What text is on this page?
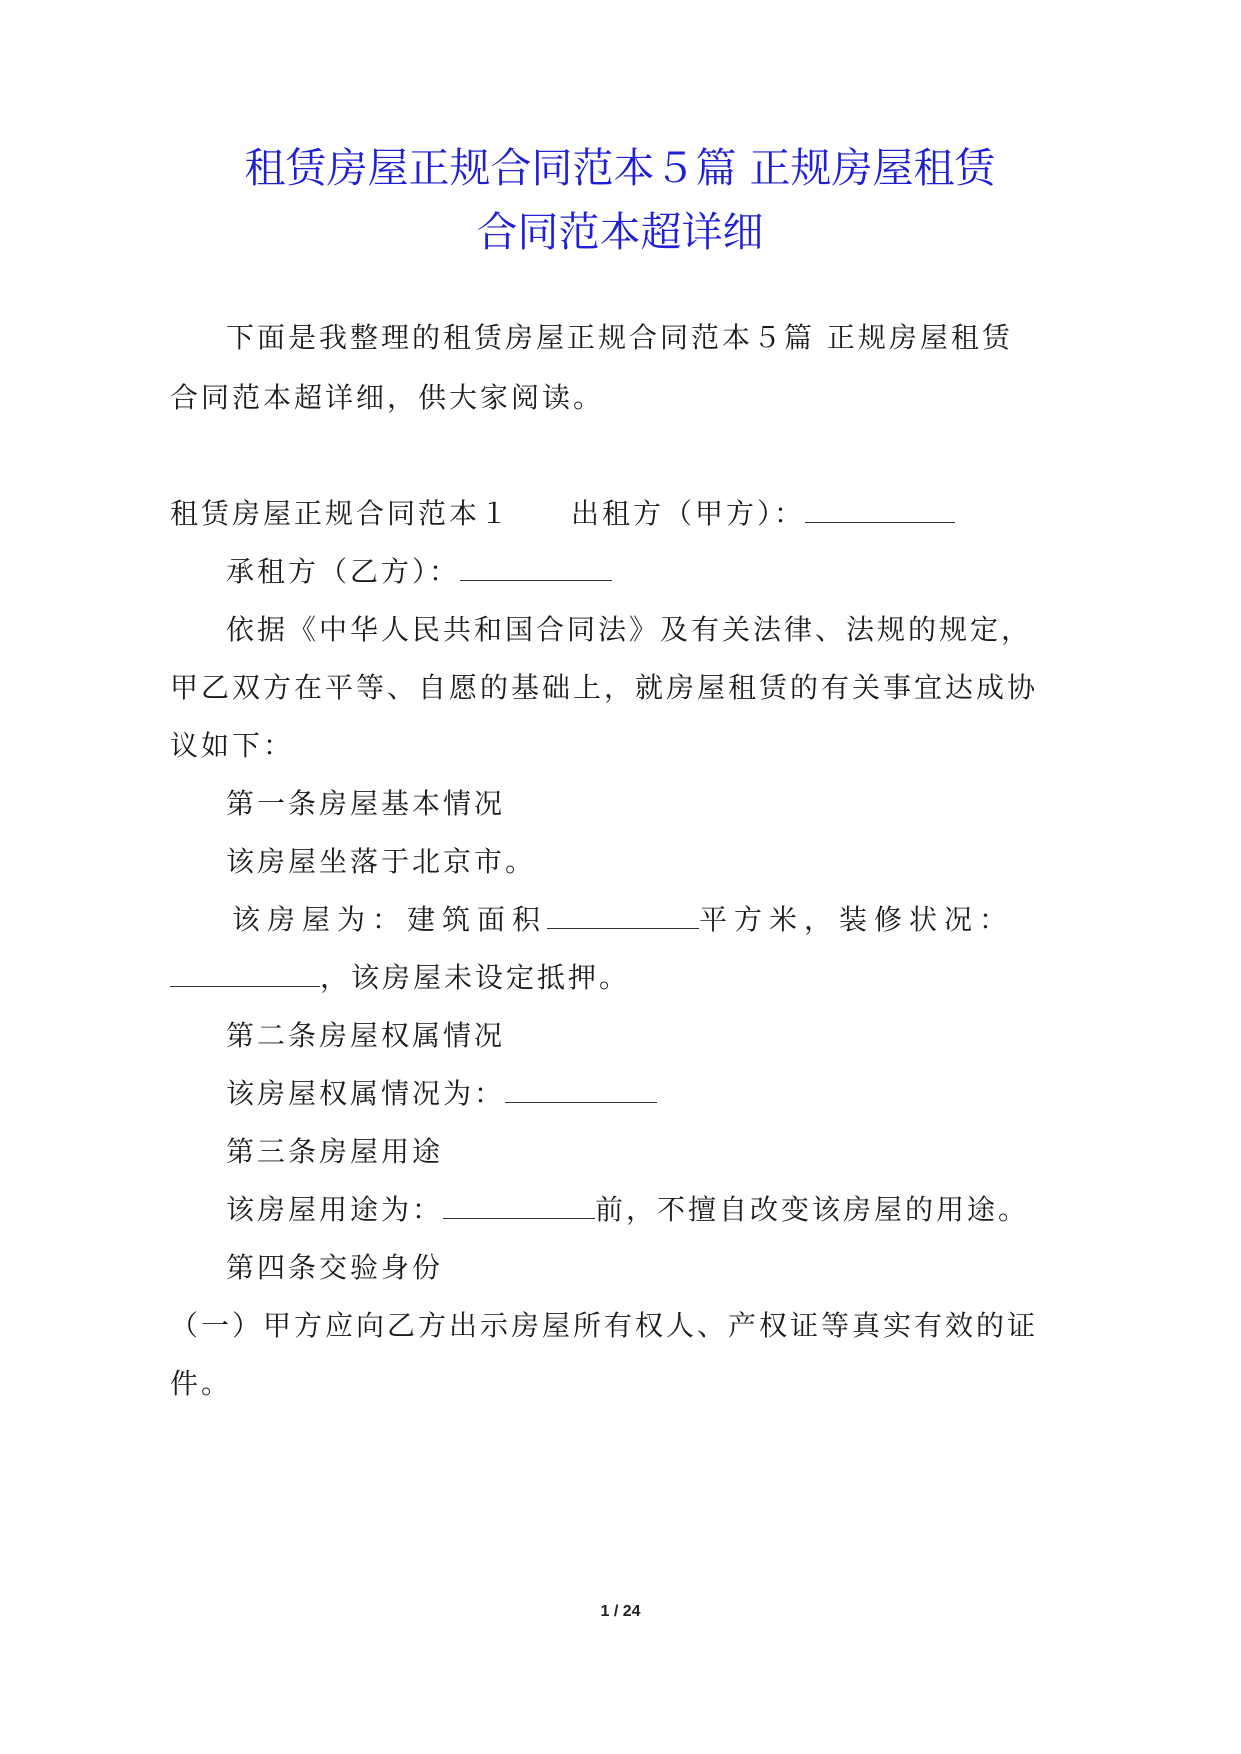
租赁房屋正规合同范本５篇 正规房屋租赁
合同范本超详细
下面是我整理的租赁房屋正规合同范本５篇 正规房屋租赁
合同范本超详细，供大家阅读。
租赁房屋正规合同范本１ 出租方（甲方）：
承租方（乙方）：
依据《中华人民共和国合同法》及有关法律、法规的规定，
甲乙双方在平等、自愿的基础上，就房屋租赁的有关事宜达成协
议如下：
第一条房屋基本情况
该房屋坐落于北京市。
该房屋为：建筑面积	平方米，装修状况：
，该房屋未设定抵押。
第二条房屋权属情况
该房屋权属情况为：
第三条房屋用途
该房屋用途为：	前，不擅自改变该房屋的用途。
第四条交验身份
（一）甲方应向乙方出示房屋所有权人、产权证等真实有效的证
件。
1 / 24
